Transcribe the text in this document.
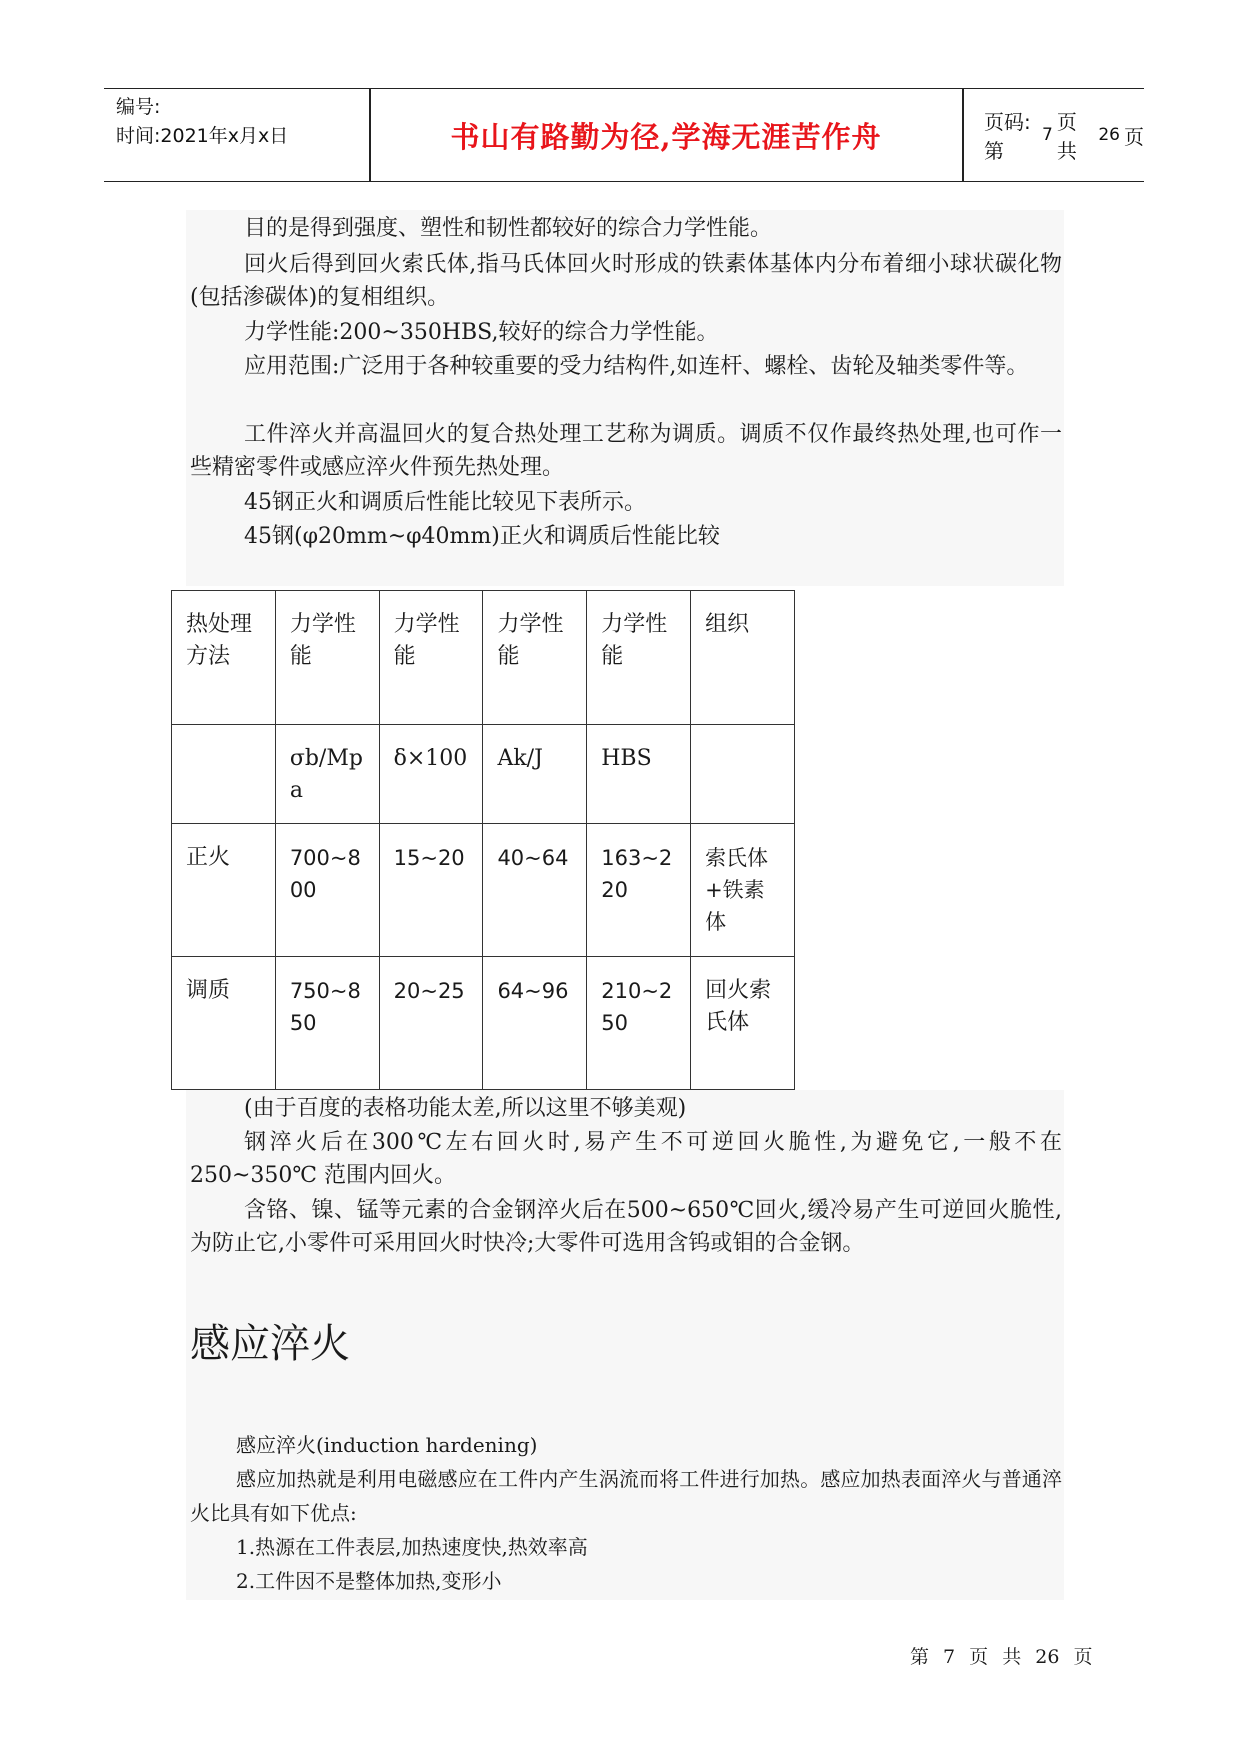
编号:
时间:2021年x月x日	书山有路勤为径,学海无涯苦作舟	页码:第
7
页 共
26 页

目的是得到强度、塑性和韧性都较好的综合力学性能。

回火后得到回火索氏体,指马氏体回火时形成的铁素体基体内分布着细小球状碳化物(包括渗碳体)的复相组织。

力学性能:200~350HBS,较好的综合力学性能。

应用范围:广泛用于各种较重要的受力结构件,如连杆、螺栓、齿轮及轴类零件等。

工件淬火并高温回火的复合热处理工艺称为调质。调质不仅作最终热处理,也可作一些精密零件或感应淬火件预先热处理。

45钢正火和调质后性能比较见下表所示。

45钢(φ20mm~φ40mm)正火和调质后性能比较

热处理方法	力学性能	力学性能	力学性能	力学性能	组织
	σb/Mpa	δ×100	Ak/J	HBS	
正火	700~800	15~20	40~64	163~220	索氏体+铁素体
调质	750~850	20~25	64~96	210~250	回火索氏体

(由于百度的表格功能太差,所以这里不够美观)

钢淬火后在300℃左右回火时,易产生不可逆回火脆性,为避免它,一般不在250~350℃ 范围内回火。

含铬、镍、锰等元素的合金钢淬火后在500~650℃回火,缓冷易产生可逆回火脆性,为防止它,小零件可采用回火时快冷;大零件可选用含钨或钼的合金钢。

感应淬火

感应淬火(induction hardening)

感应加热就是利用电磁感应在工件内产生涡流而将工件进行加热。感应加热表面淬火与普通淬火比具有如下优点:

1.热源在工件表层,加热速度快,热效率高

2.工件因不是整体加热,变形小

第 7 页 共 26 页
